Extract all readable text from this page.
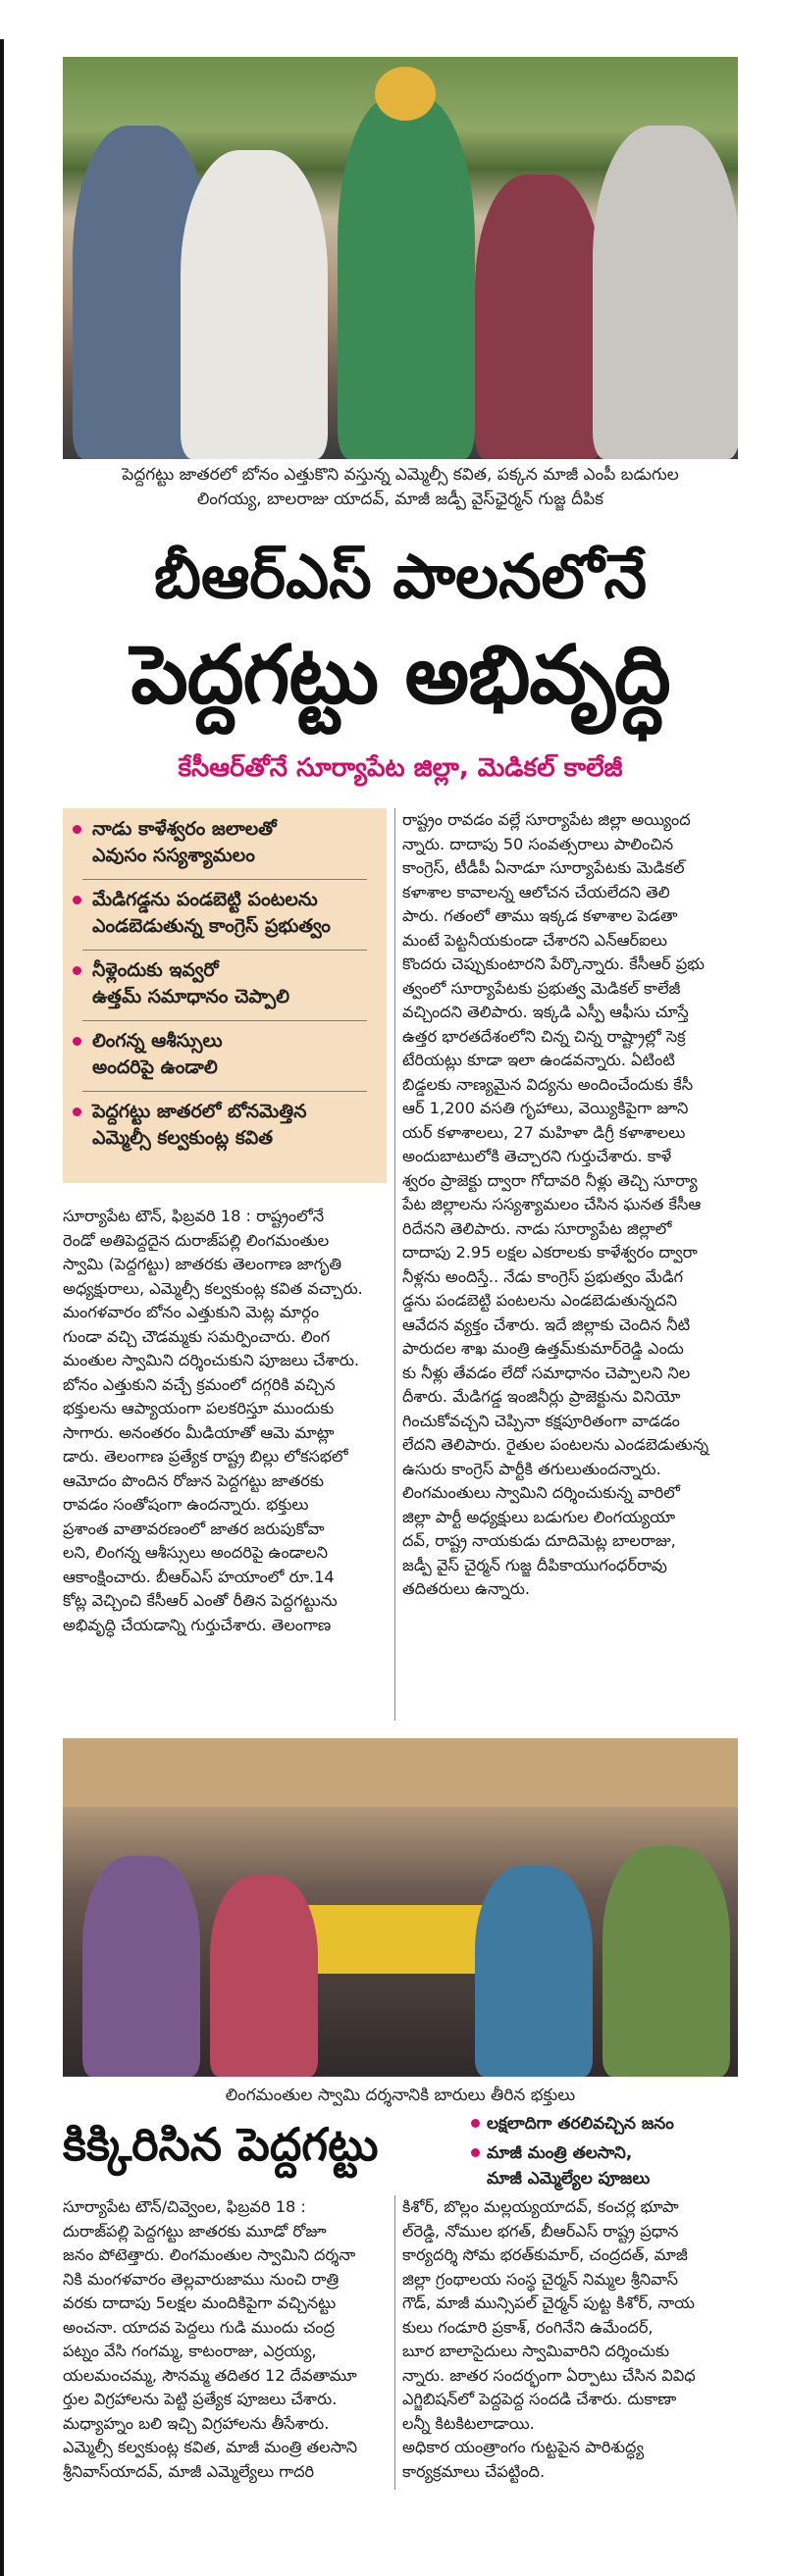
పెద్దగట్టు జాతరలో బోనం ఎత్తుకొని వస్తున్న ఎమ్మెల్సీ కవిత, పక్కన మాజీ ఎంపీ బడుగుల
లింగయ్య, బాలరాజు యాదవ్, మాజీ జడ్పీ వైస్‌ఛైర్మన్ గుజ్జ దీపిక
బీఆర్ఎస్ పాలనలోనే
పెద్దగట్టు అభివృద్ధి
కేసీఆర్‌తోనే సూర్యాపేట జిల్లా, మెడికల్ కాలేజీ
నాడు కాళేశ్వరం జలాలతో
ఎవుసం సస్యశ్యామలం
మేడిగడ్డను పండబెట్టి పంటలను
ఎండబెడుతున్న కాంగ్రెస్ ప్రభుత్వం
నీళ్లెందుకు ఇవ్వరో
ఉత్తమ్ సమాధానం చెప్పాలి
లింగన్న ఆశీస్సులు
అందరిపై ఉండాలి
పెద్దగట్టు జాతరలో బోనమెత్తిన
ఎమ్మెల్సీ కల్వకుంట్ల కవిత
రాష్ట్రం రావడం వల్లే సూర్యాపేట జిల్లా అయ్యింద
న్నారు. దాదాపు 50 సంవత్సరాలు పాలించిన
కాంగ్రెస్, టీడీపీ ఏనాడూ సూర్యాపేటకు మెడికల్
కళాశాల కావాలన్న ఆలోచన చేయలేదని తెలి
పారు. గతంలో తాము ఇక్కడ కళాశాల పెడతా
మంటే పెట్టనీయకుండా చేశారని ఎన్ఆర్ఐలు
కొందరు చెప్పుకుంటారని పేర్కొన్నారు. కేసీఆర్ ప్రభు
త్వంలో సూర్యాపేటకు ప్రభుత్వ మెడికల్ కాలేజీ
వచ్చిందని తెలిపారు. ఇక్కడి ఎస్పీ ఆఫీసు చూస్తే
ఉత్తర భారతదేశంలోని చిన్న చిన్న రాష్ట్రాల్లో సెక్ర
టేరియట్లు కూడా ఇలా ఉండవన్నారు. ఏటింటి
బిడ్డలకు నాణ్యమైన విద్యను అందించేందుకు కేసీ
ఆర్ 1,200 వసతి గృహాలు, వెయ్యికిపైగా జూని
యర్ కళాశాలలు, 27 మహిళా డిగ్రీ కళాశాలలు
అందుబాటులోకి తెచ్చారని గుర్తుచేశారు. కాళే
శ్వరం ప్రాజెక్టు ద్వారా గోదావరి నీళ్లు తెచ్చి సూర్యా
పేట జిల్లాలను సస్యశ్యామలం చేసిన ఘనత కేసీఆ
రిదేనని తెలిపారు. నాడు సూర్యాపేట జిల్లాలో
దాదాపు 2.95 లక్షల ఎకరాలకు కాళేశ్వరం ద్వారా
నీళ్లను అందిస్తే.. నేడు కాంగ్రెస్ ప్రభుత్వం మేడిగ
డ్డను పండబెట్టి పంటలను ఎండబెడుతున్నదని
ఆవేదన వ్యక్తం చేశారు. ఇదే జిల్లాకు చెందిన నీటి
పారుదల శాఖ మంత్రి ఉత్తమ్‌కుమార్‌రెడ్డి ఎందు
కు నీళ్లు తేవడం లేదో సమాధానం చెప్పాలని నిల
దీశారు. మేడిగడ్డ ఇంజినీర్లు ప్రాజెక్టును వినియో
గించుకోవచ్చని చెప్పినా కక్షపూరితంగా వాడడం
లేదని తెలిపారు. రైతుల పంటలను ఎండబెడుతున్న
ఉసురు కాంగ్రెస్ పార్టీకి తగులుతుందన్నారు.
లింగమంతులు స్వామిని దర్శించుకున్న వారిలో
జిల్లా పార్టీ అధ్యక్షులు బడుగుల లింగయ్యయా
దవ్, రాష్ట్ర నాయకుడు దూదిమెట్ల బాలరాజు,
జడ్పీ వైస్ చైర్మన్ గుజ్జ దీపికాయుగంధర్‌రావు
తదితరులు ఉన్నారు.
సూర్యాపేట టౌన్, ఫిబ్రవరి 18 : రాష్ట్రంలోనే
రెండో అతిపెద్దదైన దురాజ్‌పల్లి లింగమంతుల
స్వామి (పెద్దగట్టు) జాతరకు తెలంగాణ జాగృతి
అధ్యక్షురాలు, ఎమ్మెల్సీ కల్వకుంట్ల కవిత వచ్చారు.
మంగళవారం బోనం ఎత్తుకుని మెట్ల మార్గం
గుండా వచ్చి చౌడమ్మకు సమర్పించారు. లింగ
మంతుల స్వామిని దర్శించుకుని పూజలు చేశారు.
బోనం ఎత్తుకుని వచ్చే క్రమంలో దగ్గరికి వచ్చిన
భక్తులను ఆప్యాయంగా పలకరిస్తూ ముందుకు
సాగారు. అనంతరం మీడియాతో ఆమె మాట్లా
డారు. తెలంగాణ ప్రత్యేక రాష్ట్ర బిల్లు లోకసభలో
ఆమోదం పొందిన రోజున పెద్దగట్టు జాతరకు
రావడం సంతోషంగా ఉందన్నారు. భక్తులు
ప్రశాంత వాతావరణంలో జాతర జరుపుకోవా
లని, లింగన్న ఆశీస్సులు అందరిపై ఉండాలని
ఆకాంక్షించారు. బీఆర్ఎస్ హయాంలో రూ.14
కోట్ల వెచ్చించి కేసీఆర్ ఎంతో రీతిన పెద్దగట్టును
అభివృద్ధి చేయడాన్ని గుర్తుచేశారు. తెలంగాణ
లింగమంతుల స్వామి దర్శనానికి బారులు తీరిన భక్తులు
కిక్కిరిసిన పెద్దగట్టు	లక్షలాదిగా తరలివచ్చిన జనం
మాజీ మంత్రి తలసాని,
మాజీ ఎమ్మెల్యేల పూజలు
సూర్యాపేట టౌన్/చివ్వెంల, ఫిబ్రవరి 18 :
దురాజ్‌పల్లి పెద్దగట్టు జాతరకు మూడో రోజూ
జనం పోటెత్తారు. లింగమంతుల స్వామిని దర్శనా
నికి మంగళవారం తెల్లవారుజాము నుంచి రాత్రి
వరకు దాదాపు 5లక్షల మందికిపైగా వచ్చినట్టు
అంచనా. యాదవ పెద్దలు గుడి ముందు చంద్ర
పట్నం వేసి గంగమ్మ, కాటంరాజు, ఎర్రయ్య,
యలమంచమ్మ, సౌనమ్మ తదితర 12 దేవతామూ
ర్తుల విగ్రహాలను పెట్టి ప్రత్యేక పూజలు చేశారు.
మధ్యాహ్నం బలి ఇచ్చి విగ్రహాలను తీసేశారు.
ఎమ్మెల్సీ కల్వకుంట్ల కవిత, మాజీ మంత్రి తలసాని
శ్రీనివాస్‌యాదవ్, మాజీ ఎమ్మెల్యేలు గాదరి
కిశోర్, బొల్లం మల్లయ్యయాదవ్, కంచర్ల భూపా
ల్‌రెడ్డి, నోముల భగత్, బీఆర్ఎస్ రాష్ట్ర ప్రధాన
కార్యదర్శి సోమ భరత్‌కుమార్, చంద్రదత్, మాజీ
జిల్లా గ్రంథాలయ సంస్థ చైర్మన్ నిమ్మల శ్రీనివాస్
గౌడ్, మాజీ మున్సిపల్ చైర్మన్ పుట్ట కిశోర్, నాయ
కులు గండూరి ప్రకాశ్, రంగినేని ఉమేందర్,
బూర బాలాసైదులు స్వామివారిని దర్శించుకు
న్నారు. జాతర సందర్భంగా ఏర్పాటు చేసిన వివిధ
ఎగ్జిబిషన్‌లో పెద్దపెద్ద సందడి చేశారు. దుకాణా
లన్నీ కిటకిటలాడాయి.
అధికార యంత్రాంగం గుట్టపైన పారిశుద్ధ్య
కార్యక్రమాలు చేపట్టింది.
